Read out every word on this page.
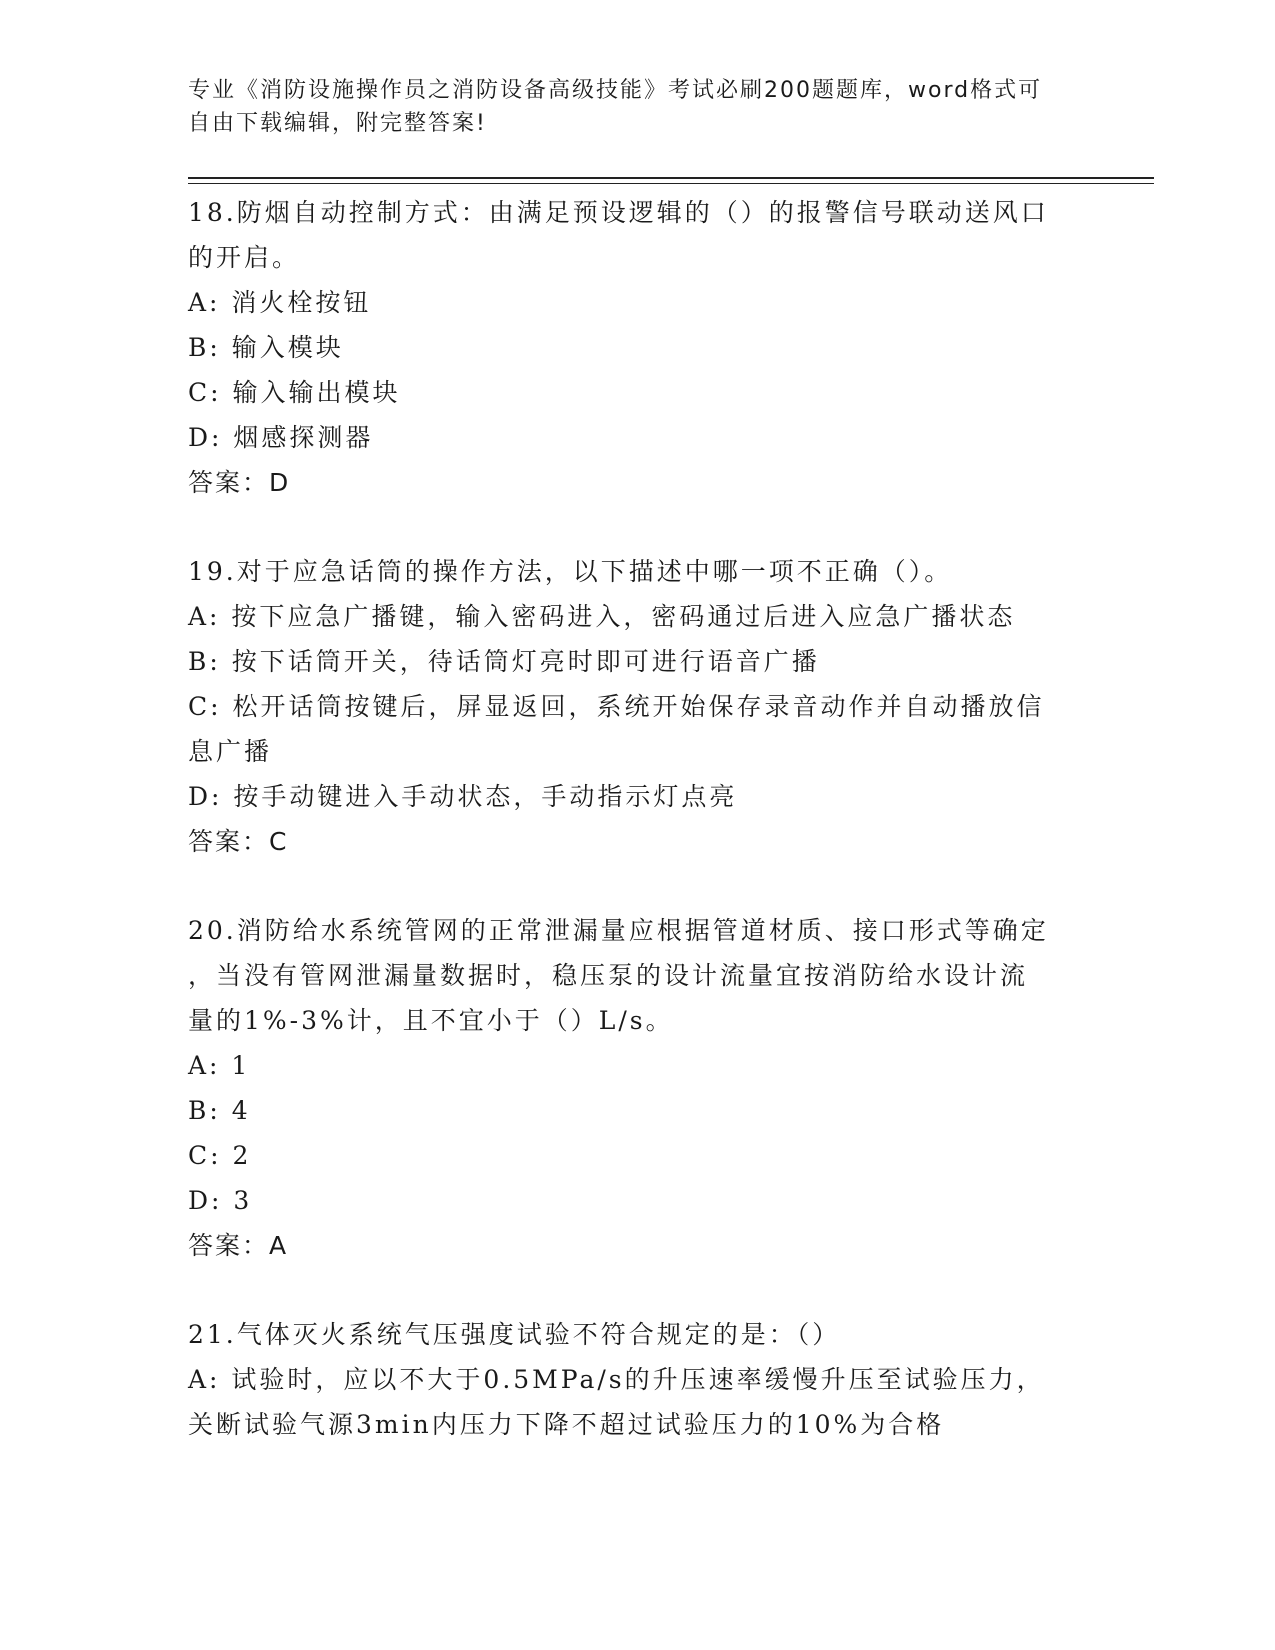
专业《消防设施操作员之消防设备高级技能》考试必刷200题题库，word格式可
自由下载编辑，附完整答案!

18.防烟自动控制方式：由满足预设逻辑的（）的报警信号联动送风口

的开启。

A: 消火栓按钮

B: 输入模块

C: 输入输出模块

D: 烟感探测器

答案：D

19.对于应急话筒的操作方法，以下描述中哪一项不正确（）。

A: 按下应急广播键，输入密码进入，密码通过后进入应急广播状态

B: 按下话筒开关，待话筒灯亮时即可进行语音广播

C: 松开话筒按键后，屏显返回，系统开始保存录音动作并自动播放信

息广播

D: 按手动键进入手动状态，手动指示灯点亮

答案：C

20.消防给水系统管网的正常泄漏量应根据管道材质、接口形式等确定

，当没有管网泄漏量数据时，稳压泵的设计流量宜按消防给水设计流

量的1%-3%计，且不宜小于（）L/s。

A: 1

B: 4

C: 2

D: 3

答案：A

21.气体灭火系统气压强度试验不符合规定的是：（）

A: 试验时，应以不大于0.5MPa/s的升压速率缓慢升压至试验压力，

关断试验气源3min内压力下降不超过试验压力的10%为合格
